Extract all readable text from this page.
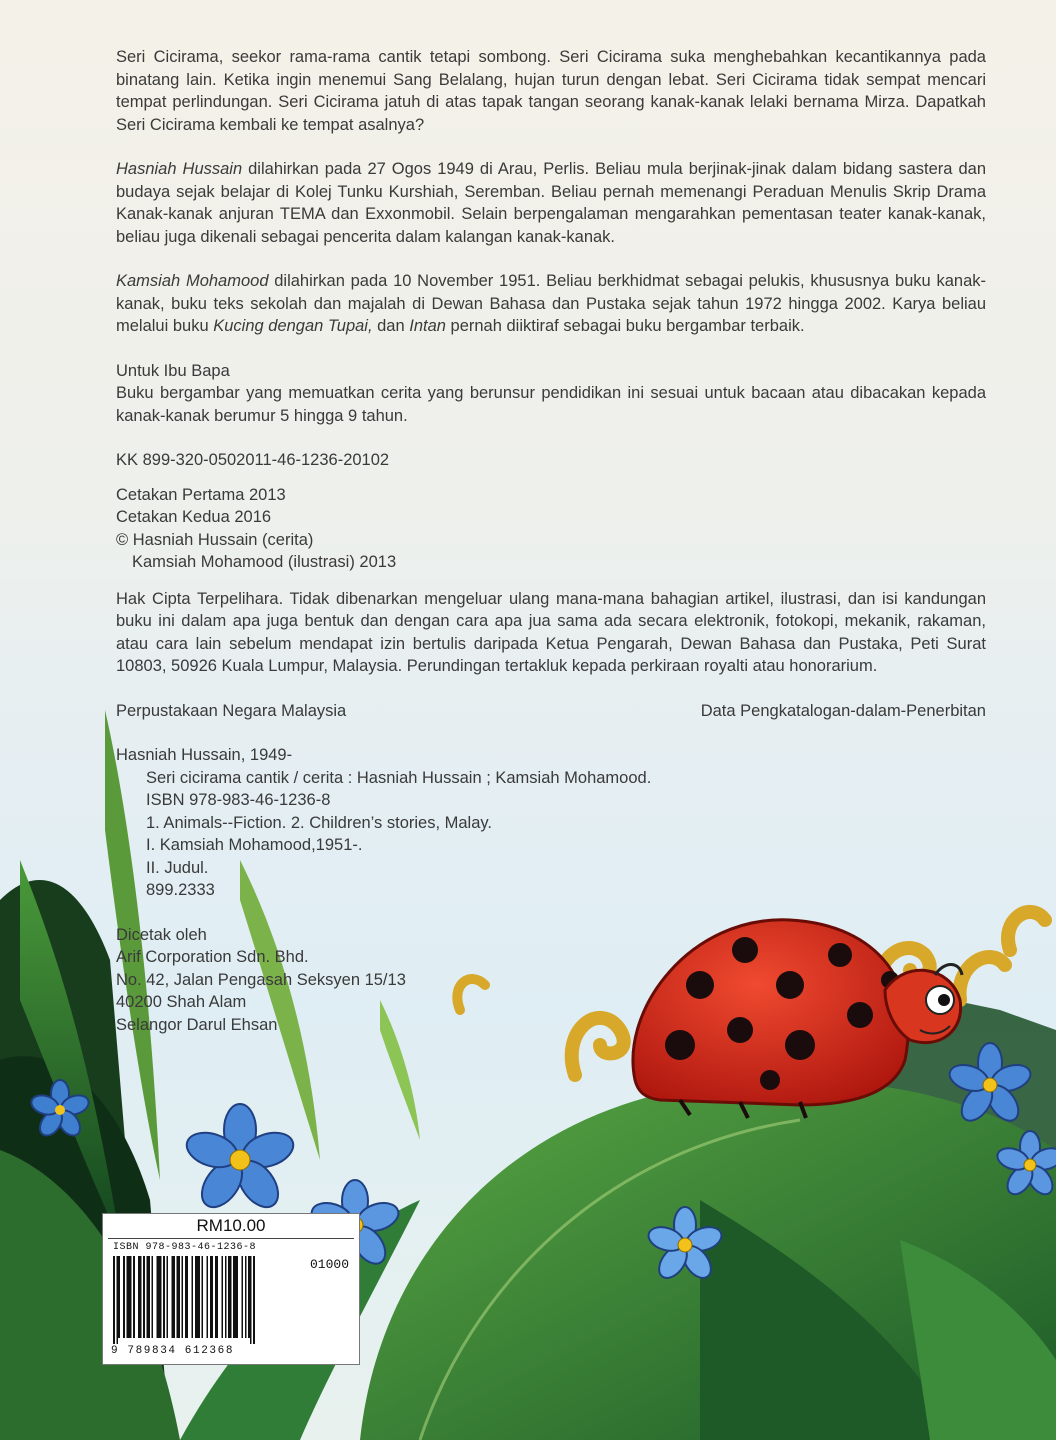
Seri Cicirama, seekor rama-rama cantik tetapi sombong. Seri Cicirama suka menghebahkan kecantikannya pada binatang lain. Ketika ingin menemui Sang Belalang, hujan turun dengan lebat. Seri Cicirama tidak sempat mencari tempat perlindungan. Seri Cicirama jatuh di atas tapak tangan seorang kanak-kanak lelaki bernama Mirza. Dapatkah Seri Cicirama kembali ke tempat asalnya?

Hasniah Hussain dilahirkan pada 27 Ogos 1949 di Arau, Perlis. Beliau mula berjinak-jinak dalam bidang sastera dan budaya sejak belajar di Kolej Tunku Kurshiah, Seremban. Beliau pernah memenangi Peraduan Menulis Skrip Drama Kanak-kanak anjuran TEMA dan Exxonmobil. Selain berpengalaman mengarahkan pementasan teater kanak-kanak, beliau juga dikenali sebagai pencerita dalam kalangan kanak-kanak.

Kamsiah Mohamood dilahirkan pada 10 November 1951. Beliau berkhidmat sebagai pelukis, khususnya buku kanak-kanak, buku teks sekolah dan majalah di Dewan Bahasa dan Pustaka sejak tahun 1972 hingga 2002. Karya beliau melalui buku Kucing dengan Tupai, dan Intan pernah diiktiraf sebagai buku bergambar terbaik.

Untuk Ibu Bapa

Buku bergambar yang memuatkan cerita yang berunsur pendidikan ini sesuai untuk bacaan atau dibacakan kepada kanak-kanak berumur 5 hingga 9 tahun.

KK 899-320-0502011-46-1236-20102
Cetakan Pertama 2013
Cetakan Kedua 2016
© Hasniah Hussain (cerita)
Kamsiah Mohamood (ilustrasi) 2013

Hak Cipta Terpelihara. Tidak dibenarkan mengeluar ulang mana-mana bahagian artikel, ilustrasi, dan isi kandungan buku ini dalam apa juga bentuk dan dengan cara apa jua sama ada secara elektronik, fotokopi, mekanik, rakaman, atau cara lain sebelum mendapat izin bertulis daripada Ketua Pengarah, Dewan Bahasa dan Pustaka, Peti Surat 10803, 50926 Kuala Lumpur, Malaysia. Perundingan tertakluk kepada perkiraan royalti atau honorarium.

Perpustakaan Negara Malaysia	Data Pengkatalogan-dalam-Penerbitan
Hasniah Hussain, 1949-
Seri cicirama cantik / cerita : Hasniah Hussain ; Kamsiah Mohamood.
ISBN 978-983-46-1236-8
1. Animals--Fiction. 2. Children’s stories, Malay.
I. Kamsiah Mohamood,1951-.
II. Judul.
899.2333
Dicetak oleh
Arif Corporation Sdn. Bhd.
No. 42, Jalan Pengasah Seksyen 15/13
40200 Shah Alam
Selangor Darul Ehsan
RM10.00
ISBN 978-983-46-1236-8
01000
9 789834 612368
